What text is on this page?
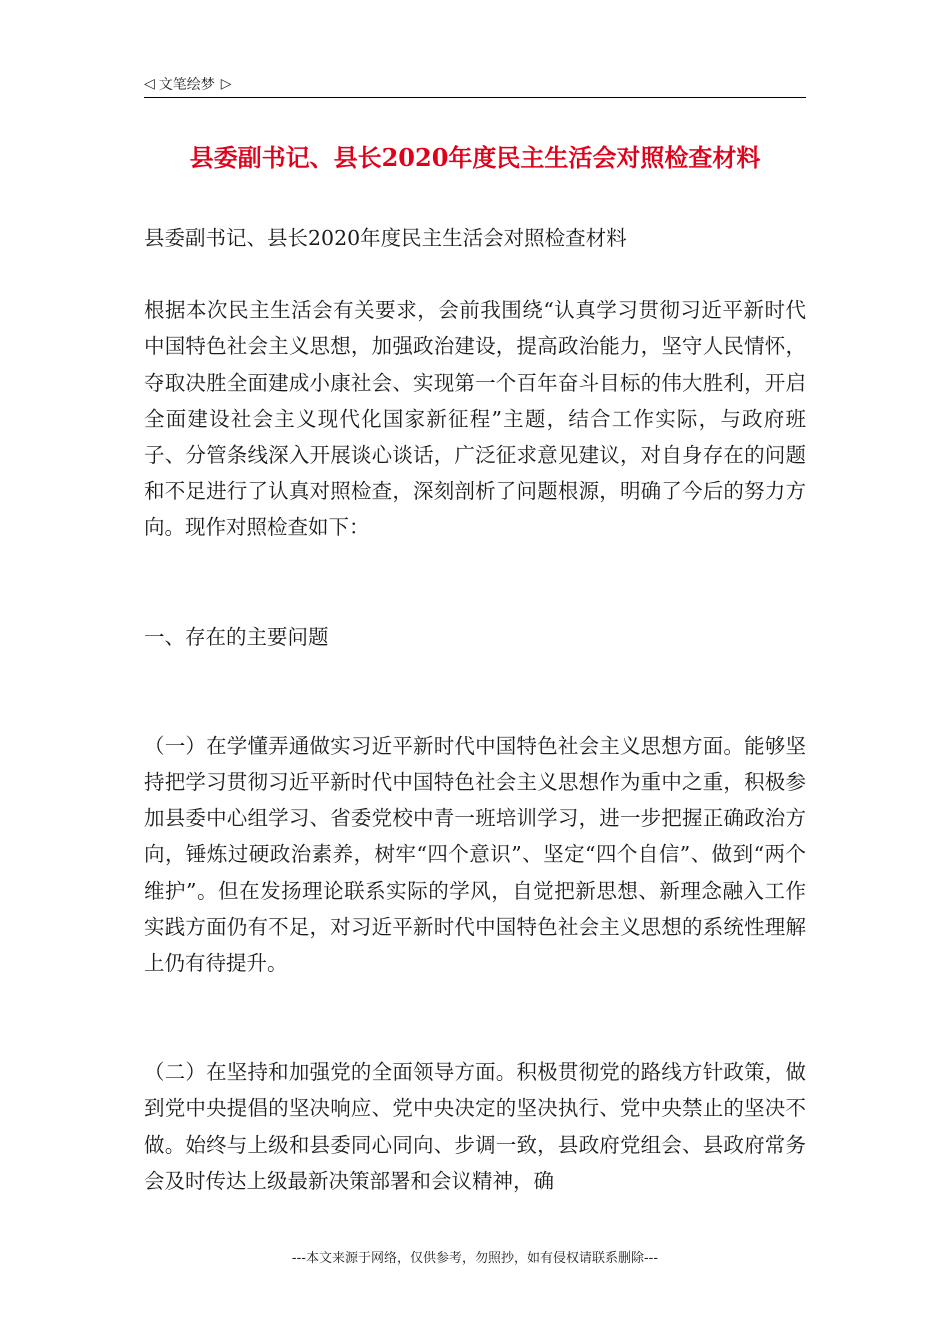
◁ 文笔绘梦 ▷
县委副书记、县长2020年度民主生活会对照检查材料

县委副书记、县长2020年度民主生活会对照检查材料

根据本次民主生活会有关要求，会前我围绕“认真学习贯彻习近平新时代中国特色社会主义思想，加强政治建设，提高政治能力，坚守人民情怀，夺取决胜全面建成小康社会、实现第一个百年奋斗目标的伟大胜利，开启全面建设社会主义现代化国家新征程”主题，结合工作实际，与政府班子、分管条线深入开展谈心谈话，广泛征求意见建议，对自身存在的问题和不足进行了认真对照检查，深刻剖析了问题根源，明确了今后的努力方向。现作对照检查如下：

一、存在的主要问题

（一）在学懂弄通做实习近平新时代中国特色社会主义思想方面。能够坚持把学习贯彻习近平新时代中国特色社会主义思想作为重中之重，积极参加县委中心组学习、省委党校中青一班培训学习，进一步把握正确政治方向，锤炼过硬政治素养，树牢“四个意识”、坚定“四个自信”、做到“两个维护”。但在发扬理论联系实际的学风，自觉把新思想、新理念融入工作实践方面仍有不足，对习近平新时代中国特色社会主义思想的系统性理解上仍有待提升。

（二）在坚持和加强党的全面领导方面。积极贯彻党的路线方针政策，做到党中央提倡的坚决响应、党中央决定的坚决执行、党中央禁止的坚决不做。始终与上级和县委同心同向、步调一致，县政府党组会、县政府常务会及时传达上级最新决策部署和会议精神，确

---本文来源于网络，仅供参考，勿照抄，如有侵权请联系删除---
